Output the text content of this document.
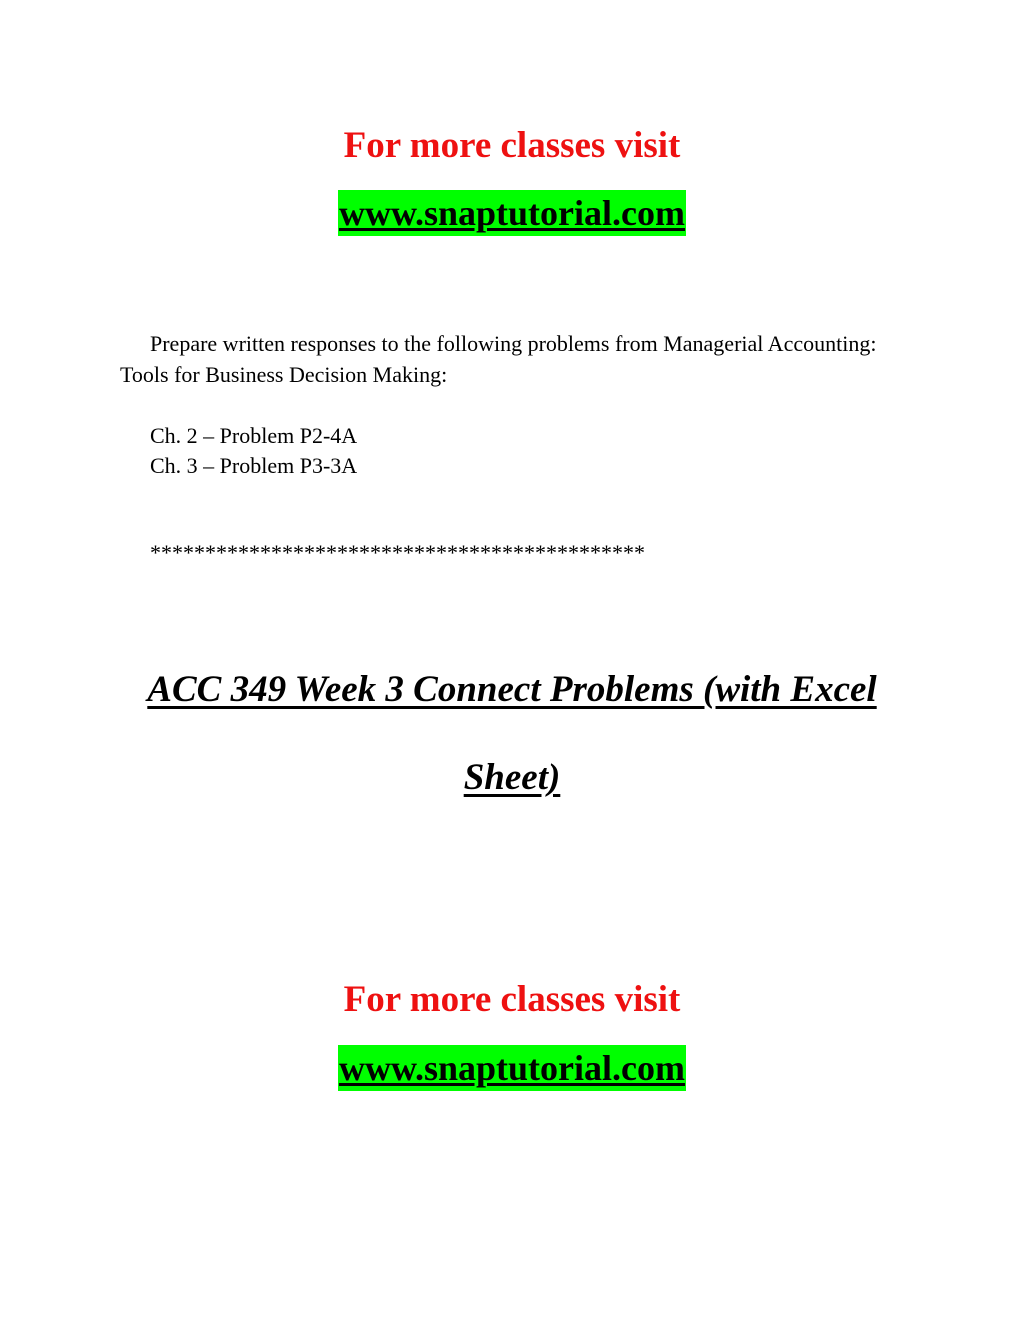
For more classes visit
www.snaptutorial.com

Prepare written responses to the following problems from Managerial Accounting: Tools for Business Decision Making:

Ch. 2 – Problem P2-4A

Ch. 3 – Problem P3-3A

*********************************************
ACC 349 Week 3 Connect Problems (with Excel
Sheet)
For more classes visit
www.snaptutorial.com
